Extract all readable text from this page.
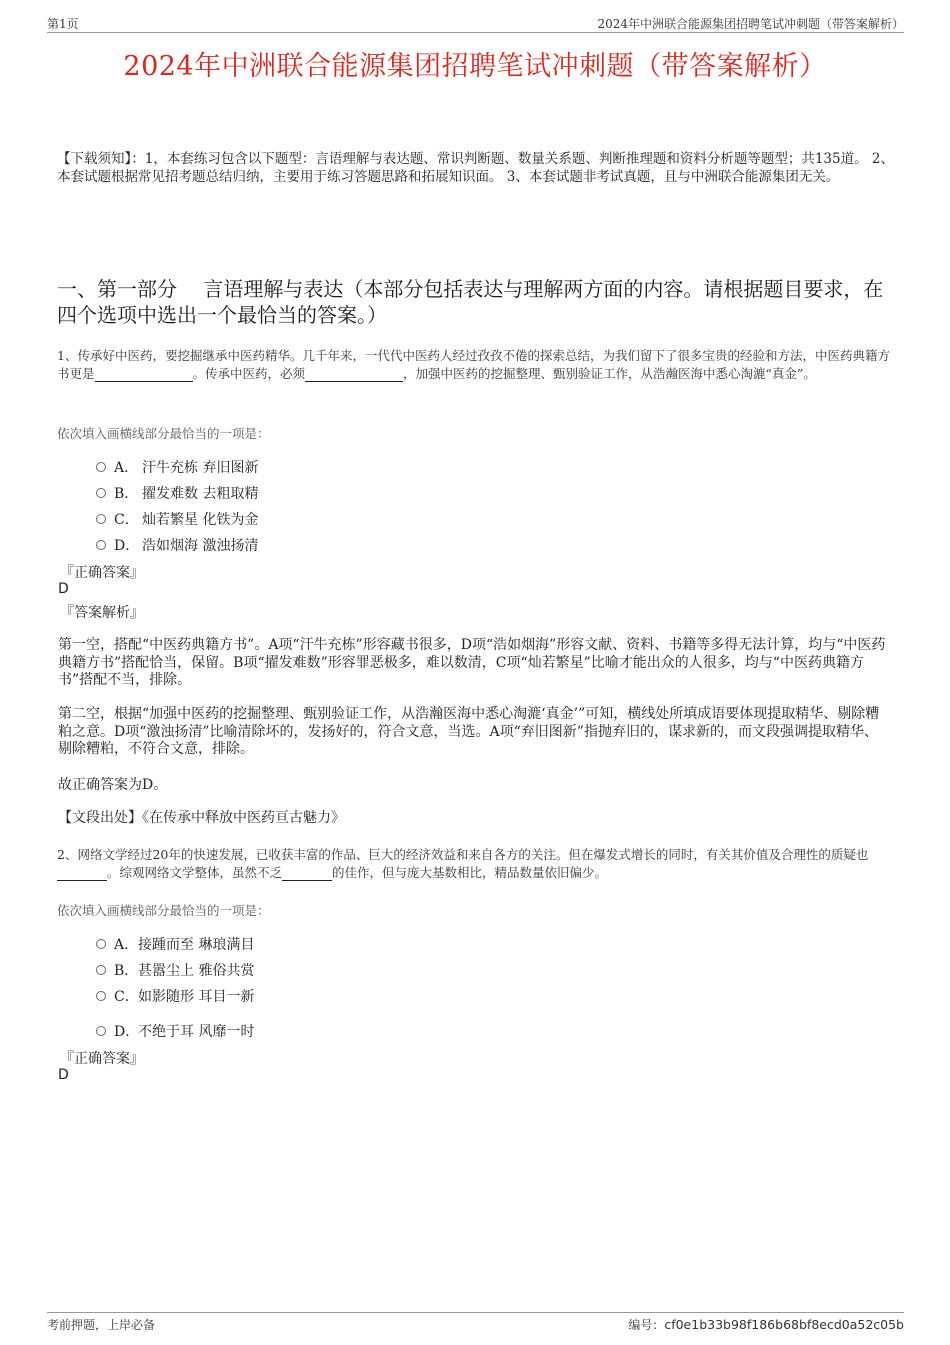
第1页	2024年中洲联合能源集团招聘笔试冲刺题（带答案解析）
2024年中洲联合能源集团招聘笔试冲刺题（带答案解析）
【下载须知】：1，本套练习包含以下题型：言语理解与表达题、常识判断题、数量关系题、判断推理题和资料分析题等题型；共135道。 2、本套试题根据常见招考题总结归纳，主要用于练习答题思路和拓展知识面。 3、本套试题非考试真题，且与中洲联合能源集团无关。
一、第一部分　 言语理解与表达（本部分包括表达与理解两方面的内容。请根据题目要求，在四个选项中选出一个最恰当的答案。）
1、传承好中医药，要挖掘继承中医药精华。几千年来，一代代中医药人经过孜孜不倦的探索总结，为我们留下了很多宝贵的经验和方法，中医药典籍方书更是	。传承中医药，必须	，加强中医药的挖掘整理、甄别验证工作，从浩瀚医海中悉心淘漉“真金”。
依次填入画横线部分最恰当的一项是：
A． 汗牛充栋 弃旧图新
B． 擢发难数 去粗取精
C． 灿若繁星 化铁为金
D． 浩如烟海 激浊扬清
『正确答案』
D
『答案解析』
第一空，搭配“中医药典籍方书”。A项“汗牛充栋”形容藏书很多，D项“浩如烟海”形容文献、资料、书籍等多得无法计算，均与“中医药典籍方书”搭配恰当，保留。B项“擢发难数”形容罪恶极多，难以数清，C项“灿若繁星”比喻才能出众的人很多，均与“中医药典籍方书”搭配不当，排除。
第二空，根据“加强中医药的挖掘整理、甄别验证工作，从浩瀚医海中悉心淘漉‘真金’”可知，横线处所填成语要体现提取精华、剔除糟粕之意。D项“激浊扬清”比喻清除坏的，发扬好的，符合文意，当选。A项“弃旧图新”指抛弃旧的，谋求新的，而文段强调提取精华、剔除糟粕，不符合文意，排除。
故正确答案为D。
【文段出处】《在传承中释放中医药亘古魅力》
2、网络文学经过20年的快速发展，已收获丰富的作品、巨大的经济效益和来自各方的关注。但在爆发式增长的同时，有关其价值及合理性的质疑也 。综观网络文学整体，虽然不乏	的佳作，但与庞大基数相比，精品数量依旧偏少。
依次填入画横线部分最恰当的一项是：
A．接踵而至 琳琅满目
B．甚嚣尘上 雅俗共赏
C．如影随形 耳目一新
D．不绝于耳 风靡一时
『正确答案』
D
考前押题，上岸必备	编号：cf0e1b33b98f186b68bf8ecd0a52c05b
